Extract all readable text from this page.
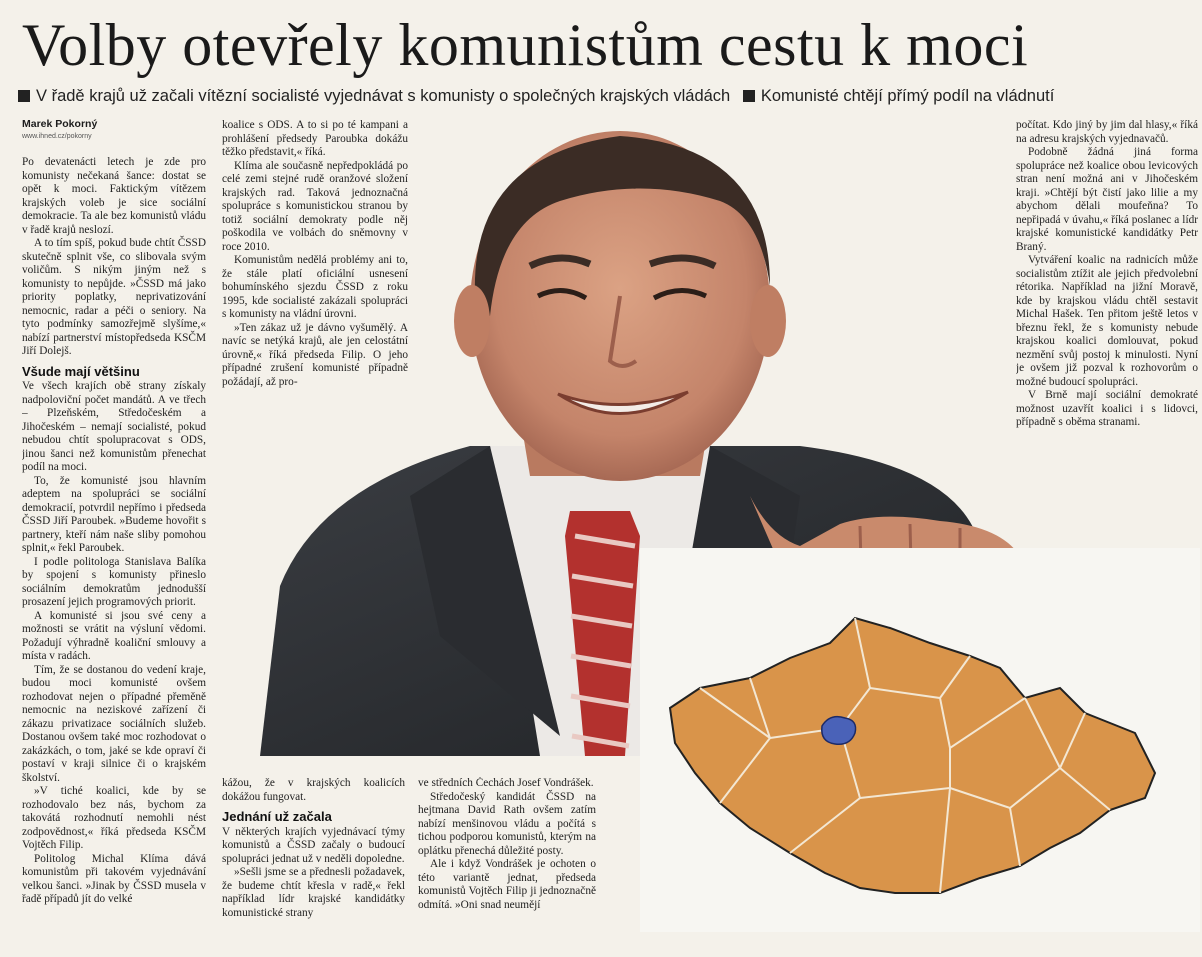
Volby otevřely komunistům cestu k moci
V řadě krajů už začali vítězní socialisté vyjednávat s komunisty o společných krajských vládách Komunisté chtějí přímý podíl na vládnutí
Marek Pokorný
www.ihned.cz/pokorny

Po devatenácti letech je zde pro komunisty nečekaná šance: dostat se opět k moci. Faktickým vítězem krajských voleb je sice sociální demokracie. Ta ale bez komunistů vládu v řadě krajů neslozí.

A to tím spíš, pokud bude chtít ČSSD skutečně splnit vše, co slibovala svým voličům. S nikým jiným než s komunisty to nepůjde. »ČSSD má jako priority poplatky, neprivatizování nemocnic, radar a péči o seniory. Na tyto podmínky samozřejmě slyšíme,« nabízí partnerství místopředseda KSČM Jiří Dolejš.

Všude mají většinu

Ve všech krajích obě strany získaly nadpoloviční počet mandátů. A ve třech – Plzeňském, Středočeském a Jihočeském – nemají socialisté, pokud nebudou chtít spolupracovat s ODS, jinou šanci než komunistům přenechat podíl na moci.

To, že komunisté jsou hlavním adeptem na spolupráci se sociální demokracií, potvrdil nepřímo i předseda ČSSD Jiří Paroubek. »Budeme hovořit s partnery, kteří nám naše sliby pomohou splnit,« řekl Paroubek.

I podle politologa Stanislava Balíka by spojení s komunisty přineslo sociálním demokratům jednodušší prosazení jejich programových priorit.

A komunisté si jsou své ceny a možnosti se vrátit na výsluní vědomi. Požadují výhradně koaliční smlouvy a místa v radách.

Tím, že se dostanou do vedení kraje, budou moci komunisté ovšem rozhodovat nejen o případné přeměně nemocnic na neziskové zařízení či zákazu privatizace sociálních služeb. Dostanou ovšem také moc rozhodovat o zakázkách, o tom, jaké se kde opraví či postaví v kraji silnice či o krajském školství.

»V tiché koalici, kde by se rozhodovalo bez nás, bychom za takovátá rozhodnutí nemohli nést zodpovědnost,« říká předseda KSČM Vojtěch Filip.

Politolog Michal Klíma dává komunistům při takovém vyjednávání velkou šanci. »Jinak by ČSSD musela v řadě případů jít do velké

koalice s ODS. A to si po té kampani a prohlášení předsedy Paroubka dokážu těžko představit,« říká.

Klíma ale současně nepředpokládá po celé zemi stejné rudě oranžové složení krajských rad. Taková jednoznačná spolupráce s komunistickou stranou by totiž sociální demokraty podle něj poškodila ve volbách do sněmovny v roce 2010.

Komunistům nedělá problémy ani to, že stále platí oficiální usnesení bohumínského sjezdu ČSSD z roku 1995, kde socialisté zakázali spolupráci s komunisty na vládní úrovni.

»Ten zákaz už je dávno vyšumělý. A navíc se netýká krajů, ale jen celostátní úrovně,« říká předseda Filip. O jeho případné zrušení komunisté případně požádají, až pro-

kážou, že v krajských koalicích dokážou fungovat.

Jednání už začala

V některých krajích vyjednávací týmy komunistů a ČSSD začaly o budoucí spolupráci jednat už v neděli dopoledne.

»Sešli jsme se a přednesli požadavek, že budeme chtít křesla v radě,« řekl například lídr krajské kandidátky komunistické strany

ve středních Čechách Josef Vondrášek.

Středočeský kandidát ČSSD na hejtmana David Rath ovšem zatím nabízí menšinovou vládu a počítá s tichou podporou komunistů, kterým na oplátku přenechá důležité posty.

Ale i když Vondrášek je ochoten o této variantě jednat, předseda komunistů Vojtěch Filip ji jednoznačně odmítá. »Oni snad neumějí

počítat. Kdo jiný by jim dal hlasy,« říká na adresu krajských vyjednavačů.

Podobně žádná jiná forma spolupráce než koalice obou levicových stran není možná ani v Jihočeském kraji. »Chtějí být čistí jako lilie a my abychom dělali moufeňna? To nepřipadá v úvahu,« říká poslanec a lídr krajské komunistické kandidátky Petr Braný.

Vytváření koalic na radnicích může socialistům ztížit ale jejich předvolební rétorika. Například na jižní Moravě, kde by krajskou vládu chtěl sestavit Michal Hašek. Ten přitom ještě letos v březnu řekl, že s komunisty nebude krajskou koalici domlouvat, pokud nezmění svůj postoj k minulosti. Nyní je ovšem již pozval k rozhovorům o možné budoucí spolupráci.

V Brně mají sociální demokraté možnost uzavřít koalici i s lidovci, případně s oběma stranami.
